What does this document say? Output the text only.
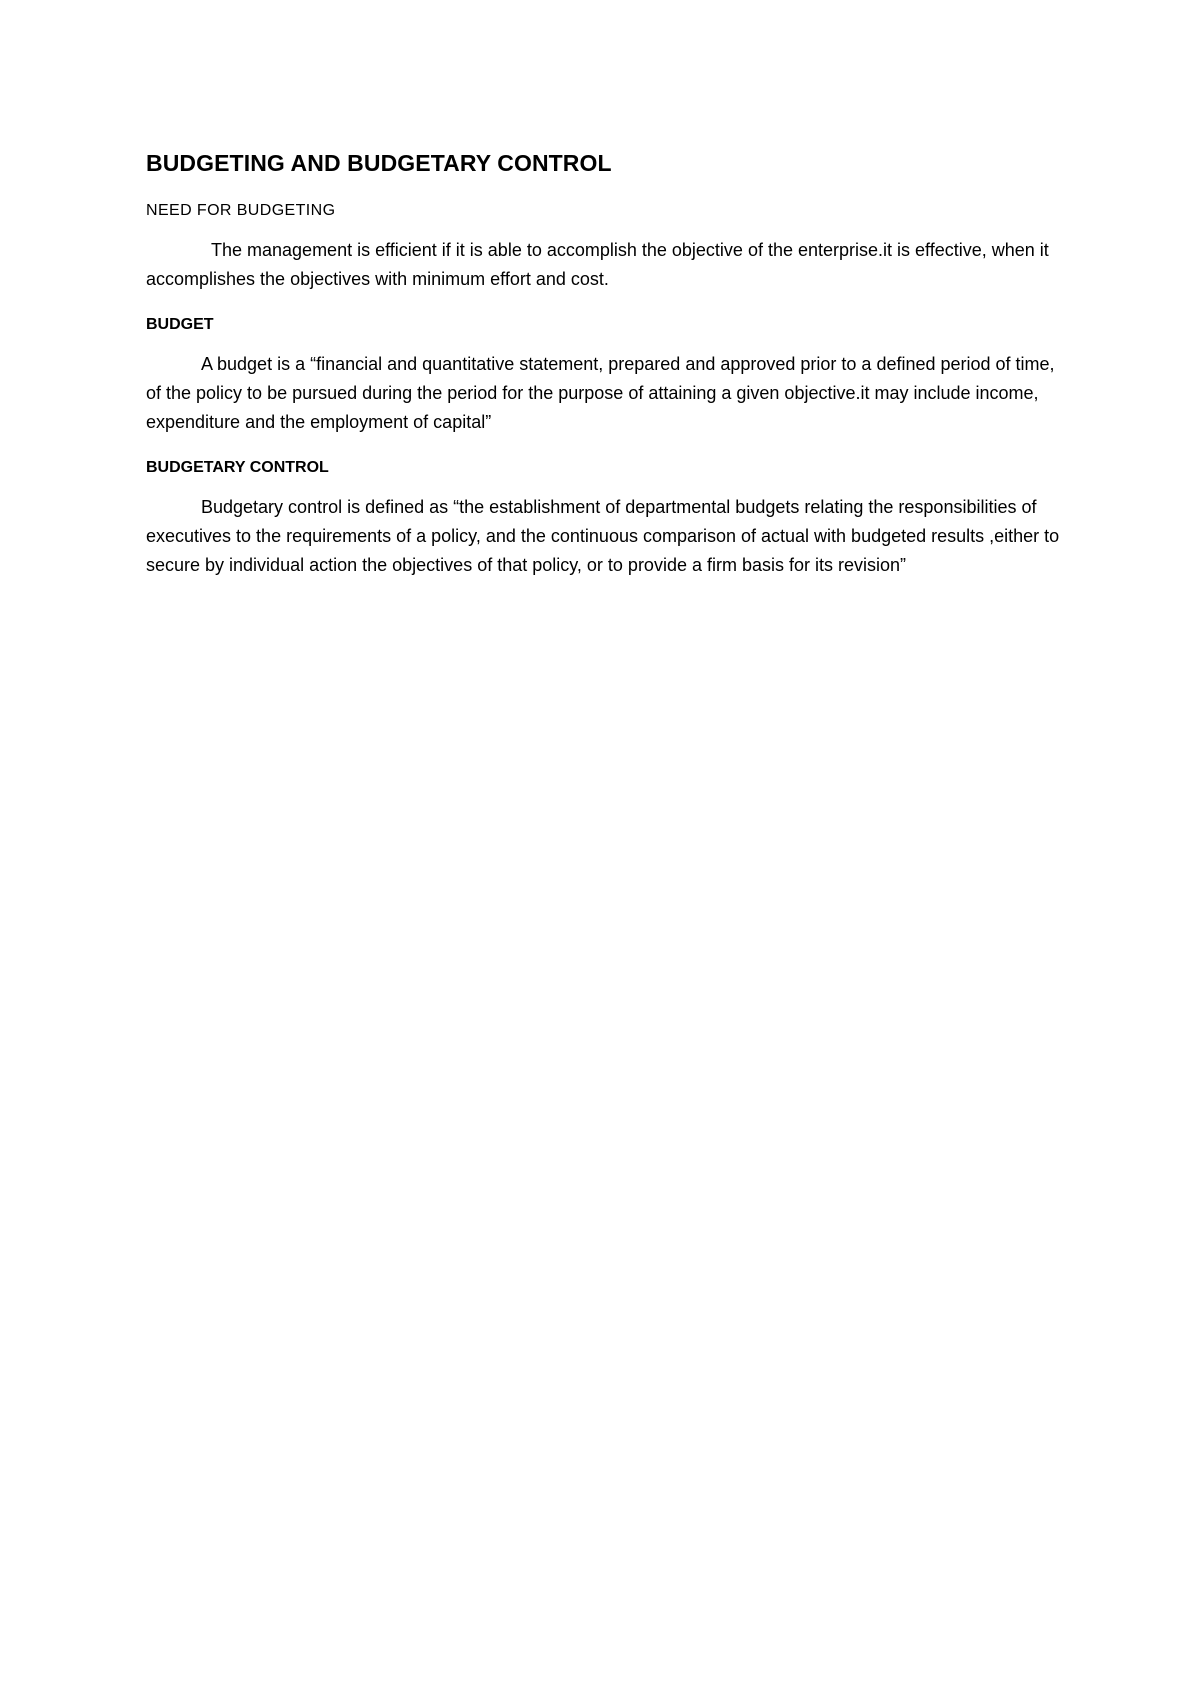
BUDGETING AND BUDGETARY CONTROL
NEED FOR BUDGETING

The management is efficient if it is able to accomplish the objective of the enterprise.it is effective, when it accomplishes the objectives with minimum effort and cost.

BUDGET

A budget is a “financial and quantitative statement, prepared and approved prior to a defined period of time, of the policy to be pursued during the period for the purpose of attaining a given objective.it may include income, expenditure and the employment of capital”

BUDGETARY CONTROL

Budgetary control is defined as “the establishment of departmental budgets relating the responsibilities of executives to the requirements of a policy, and the continuous comparison of actual with budgeted results ,either to secure by individual action the objectives of that policy, or to provide a firm basis for its revision”
